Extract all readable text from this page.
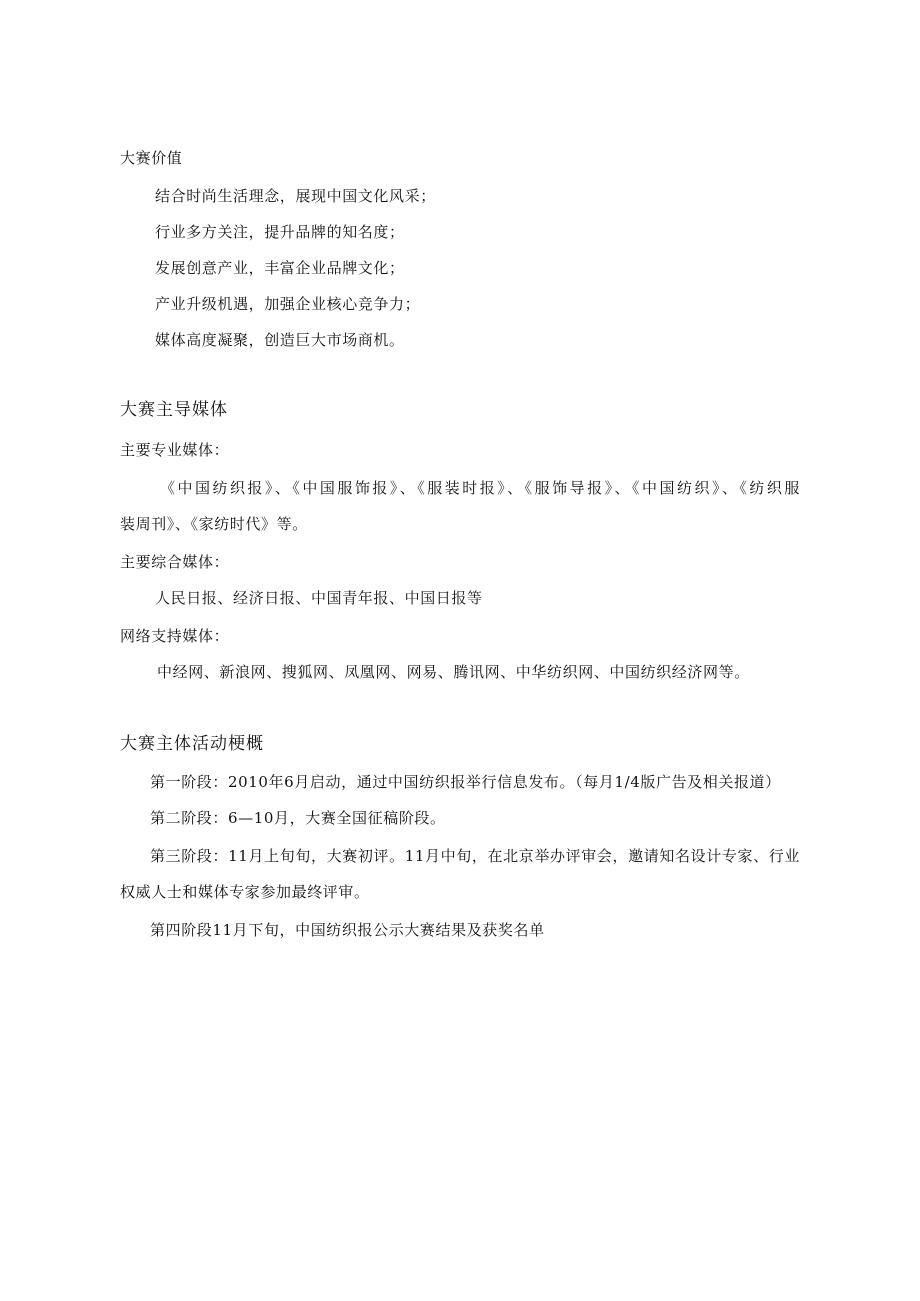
大赛价值
结合时尚生活理念，展现中国文化风采；
行业多方关注，提升品牌的知名度；
发展创意产业，丰富企业品牌文化；
产业升级机遇，加强企业核心竞争力；
媒体高度凝聚，创造巨大市场商机。
大赛主导媒体
主要专业媒体：
《中国纺织报》、《中国服饰报》、《服装时报》、《服饰导报》、《中国纺织》、《纺织服
装周刊》、《家纺时代》等。
主要综合媒体：
人民日报、经济日报、中国青年报、中国日报等
网络支持媒体：
中经网、新浪网、搜狐网、凤凰网、网易、腾讯网、中华纺织网、中国纺织经济网等。
大赛主体活动梗概
第一阶段：2010年6月启动，通过中国纺织报举行信息发布。（每月1/4版广告及相关报道）
第二阶段：6—10月，大赛全国征稿阶段。
第三阶段：11月上旬旬，大赛初评。11月中旬，在北京举办评审会，邀请知名设计专家、行业
权威人士和媒体专家参加最终评审。
第四阶段11月下旬，中国纺织报公示大赛结果及获奖名单
